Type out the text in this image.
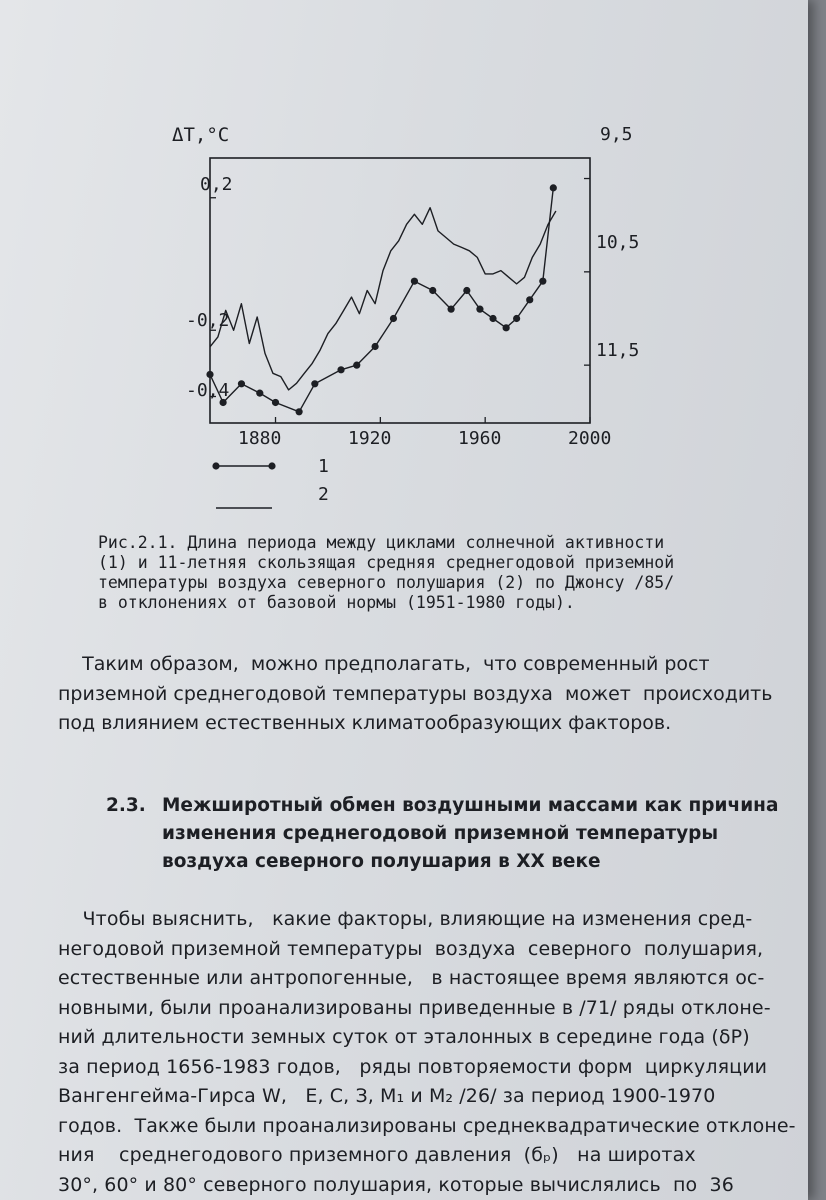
ΔT,°C
0,2
-0,2
-0,4
9,5
10,5
11,5
1880	1920	1960	2000
1
2

Рис.2.1. Длина периода между циклами солнечной активности

(1) и 11-летняя скользящая средняя среднегодовой приземной

температуры воздуха северного полушария (2) по Джонсу /85/

в отклонениях от базовой нормы (1951-1980 годы).

Таким образом,  можно предполагать,  что современный рост

приземной среднегодовой температуры воздуха  может  происходить

под влиянием естественных климатообразующих факторов.

2.3. Межширотный обмен воздушными массами как причина

изменения среднегодовой приземной температуры

воздуха северного полушария в XX веке

Чтобы выяснить,   какие факторы, влияющие на изменения сред-

негодовой приземной температуры  воздуха  северного  полушария,

естественные или антропогенные,   в настоящее время являются ос-

новными, были проанализированы приведенные в /71/ ряды отклоне-

ний длительности земных суток от эталонных в середине года (δP)

за период 1656-1983 годов,   ряды повторяемости форм  циркуляции

Вангенгейма-Гирса W,   E, C, З, M₁ и M₂ /26/ за период 1900-1970

годов.  Также были проанализированы среднеквадратические отклоне-

ния    среднегодового приземного давления  (бₚ)   на широтах

30°, 60° и 80° северного полушария, которые вычислялись  по  36
